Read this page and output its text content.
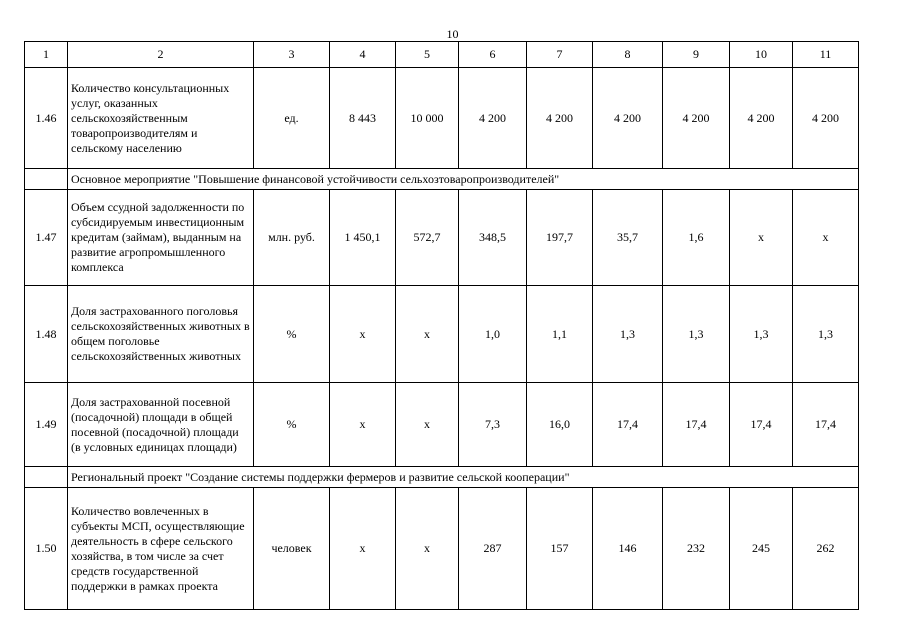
10
1	2	3	4	5	6	7	8	9	10	11
1.46	Количество консультационных услуг, оказанных сельскохозяйственным товаропроизводителям и сельскому населению	ед.	8 443	10 000	4 200	4 200	4 200	4 200	4 200	4 200
	Основное мероприятие "Повышение финансовой устойчивости сельхозтоваропроизводителей"									
1.47	Объем ссудной задолженности по субсидируемым инвестиционным кредитам (займам), выданным на развитие агропромышленного комплекса	млн. руб.	1 450,1	572,7	348,5	197,7	35,7	1,6	х	х
1.48	Доля застрахованного поголовья сельскохозяйственных животных в общем поголовье сельскохозяйственных животных	%	х	х	1,0	1,1	1,3	1,3	1,3	1,3
1.49	Доля застрахованной посевной (посадочной) площади в общей посевной (посадочной) площади (в условных единицах площади)	%	х	х	7,3	16,0	17,4	17,4	17,4	17,4
	Региональный проект "Создание системы поддержки фермеров и развитие сельской кооперации"									
1.50	Количество вовлеченных в субъекты МСП, осуществляющие деятельность в сфере сельского хозяйства, в том числе за счет средств государственной поддержки в рамках проекта	человек	х	х	287	157	146	232	245	262
